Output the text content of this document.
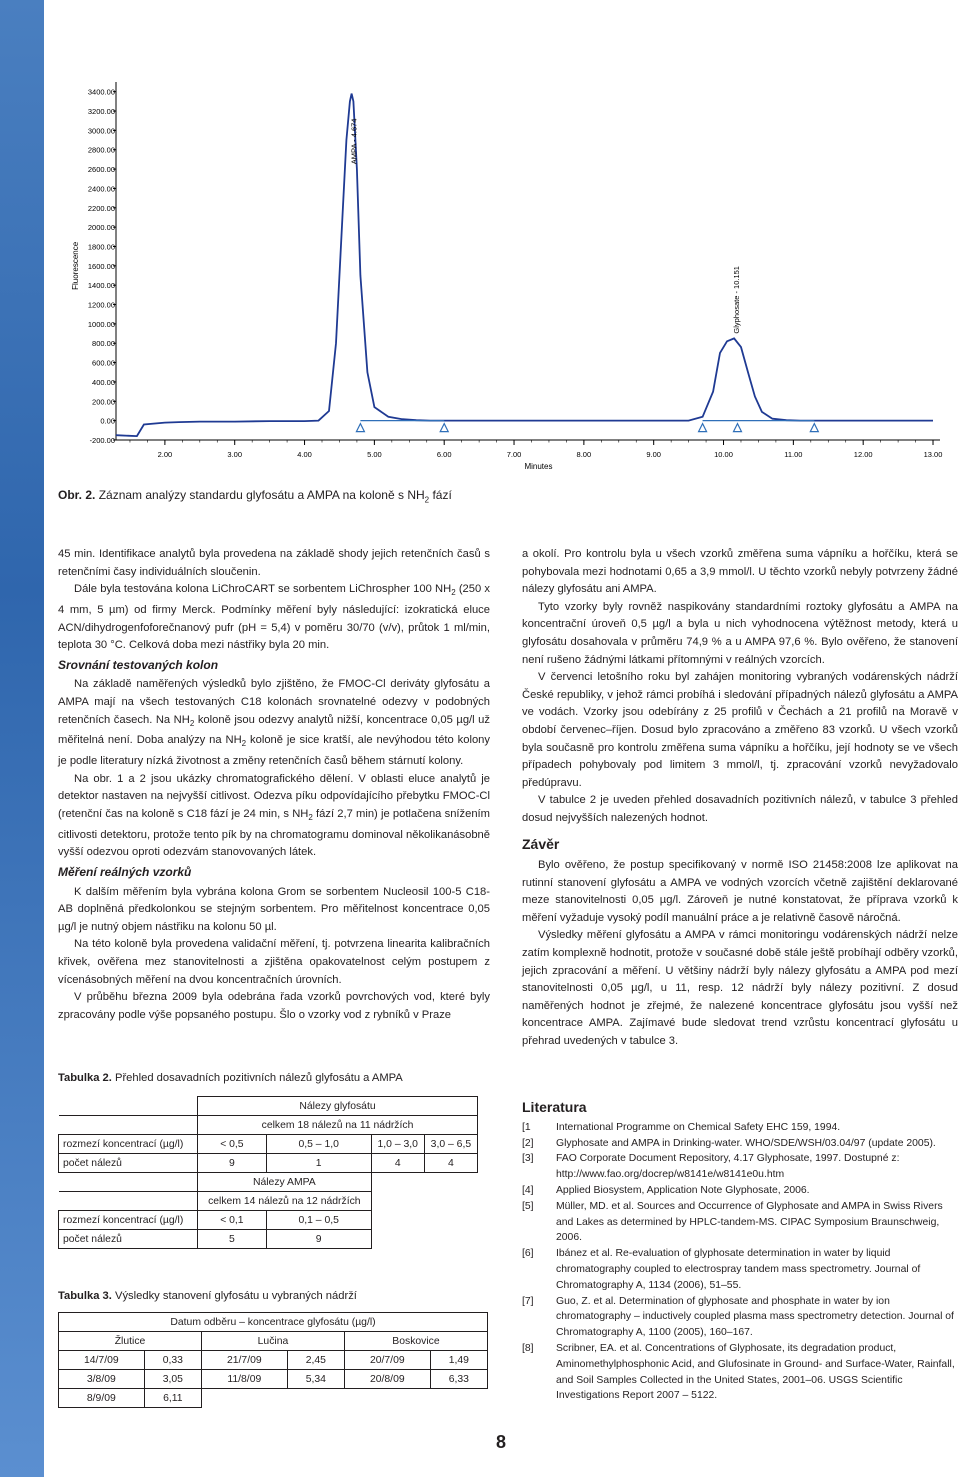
3400.00
3200.00
3000.00
2800.00
2600.00
2400.00
2200.00
2000.00
1800.00
1600.00
1400.00
1200.00
1000.00
800.00
600.00
400.00
200.00
0.00
-200.00
2.00	3.00	4.00	5.00	6.00	7.00	8.00	9.00	10.00	11.00	12.00	13.00
Fluorescence
Minutes
AMPA - 4.674
Glyphosate - 10.151
Obr. 2. Záznam analýzy standardu glyfosátu a AMPA na koloně s $NH_2$ fází

45 min. Identifikace analytů byla provedena na základě shody jejich retenčních časů s retenčními časy individuálních sloučenin.

Dále byla testována kolona LiChroCART se sorbentem LiChrospher 100 $NH_2$ (250 x 4 mm, 5 µm) od firmy Merck. Podmínky měření byly následující: izokratická eluce ACN/dihydrogenfoforečnanový pufr (pH = 5,4) v poměru 30/70 (v/v), průtok 1 ml/min, teplota 30 °C. Celková doba mezi nástřiky byla 20 min.

Srovnání testovaných kolon

Na základě naměřených výsledků bylo zjištěno, že FMOC-Cl deriváty glyfosátu a AMPA mají na všech testovaných C18 kolonách srovnatelné odezvy v podobných retenčních časech. Na $NH_2$ koloně jsou odezvy analytů nižší, koncentrace 0,05 µg/l už měřitelná není. Doba analýzy na $NH_2$ koloně je sice kratší, ale nevýhodou této kolony je podle literatury nízká životnost a změny retenčních časů během stárnutí kolony.

Na obr. 1 a 2 jsou ukázky chromatografického dělení. V oblasti eluce analytů je detektor nastaven na nejvyšší citlivost. Odezva píku odpovídajícího přebytku FMOC-Cl (retenční čas na koloně s C18 fází je 24 min, s $NH_2$ fází 2,7 min) je potlačena snížením citlivosti detektoru, protože tento pík by na chromatogramu dominoval několikanásobně vyšší odezvou oproti odezvám stanovovaných látek.

Měření reálných vzorků

K dalším měřením byla vybrána kolona Grom se sorbentem Nucleosil 100-5 C18-AB doplněná předkolonkou se stejným sorbentem. Pro měřitelnost koncentrace 0,05 µg/l je nutný objem nástřiku na kolonu 50 µl.

Na této koloně byla provedena validační měření, tj. potvrzena linearita kalibračních křivek, ověřena mez stanovitelnosti a zjištěna opakovatelnost celým postupem z vícenásobných měření na dvou koncentračních úrovních.

V průběhu března 2009 byla odebrána řada vzorků povrchových vod, které byly zpracovány podle výše popsaného postupu. Šlo o vzorky vod z rybníků v Praze

a okolí. Pro kontrolu byla u všech vzorků změřena suma vápníku a hořčíku, která se pohybovala mezi hodnotami 0,65 a 3,9 mmol/l. U těchto vzorků nebyly potvrzeny žádné nálezy glyfosátu ani AMPA.

Tyto vzorky byly rovněž naspikovány standardními roztoky glyfosátu a AMPA na koncentrační úroveň 0,5 µg/l a byla u nich vyhodnocena výtěžnost metody, která u glyfosátu dosahovala v průměru 74,9 % a u AMPA 97,6 %. Bylo ověřeno, že stanovení není rušeno žádnými látkami přítomnými v reálných vzorcích.

V červenci letošního roku byl zahájen monitoring vybraných vodárenských nádrží České republiky, v jehož rámci probíhá i sledování případných nálezů glyfosátu a AMPA ve vodách. Vzorky jsou odebírány z 25 profilů v Čechách a 21 profilů na Moravě v období červenec–říjen. Dosud bylo zpracováno a změřeno 83 vzorků. U všech vzorků byla současně pro kontrolu změřena suma vápníku a hořčíku, její hodnoty se ve všech případech pohybovaly pod limitem 3 mmol/l, tj. zpracování vzorků nevyžadovalo předúpravu.

V tabulce 2 je uveden přehled dosavadních pozitivních nálezů, v tabulce 3 přehled dosud nejvyšších nalezených hodnot.

Závěr

Bylo ověřeno, že postup specifikovaný v normě ISO 21458:2008 lze aplikovat na rutinní stanovení glyfosátu a AMPA ve vodných vzorcích včetně zajištění deklarované meze stanovitelnosti 0,05 µg/l. Zároveň je nutné konstatovat, že příprava vzorků k měření vyžaduje vysoký podíl manuální práce a je relativně časově náročná.

Výsledky měření glyfosátu a AMPA v rámci monitoringu vodárenských nádrží nelze zatím komplexně hodnotit, protože v současné době stále ještě probíhají odběry vzorků, jejich zpracování a měření. U většiny nádrží byly nálezy glyfosátu a AMPA pod mezí stanovitelnosti 0,05 µg/l, u 11, resp. 12 nádrží byly nálezy pozitivní. Z dosud naměřených hodnot je zřejmé, že nalezené koncentrace glyfosátu jsou vyšší než koncentrace AMPA. Zajímavé bude sledovat trend vzrůstu koncentrací glyfosátu u přehrad uvedených v tabulce 3.

Literatura
[1	International Programme on Chemical Safety EHC 159, 1994.
[2]	Glyphosate and AMPA in Drinking-water. WHO/SDE/WSH/03.04/97 (update 2005).
[3]	FAO Corporate Document Repository, 4.17 Glyphosate, 1997. Dostupné z: http://www.fao.org/docrep/w8141e/w8141e0u.htm
[4]	Applied Biosystem, Application Note Glyphosate, 2006.
[5]	Müller, MD. et al. Sources and Occurrence of Glyphosate and AMPA in Swiss Rivers and Lakes as determined by HPLC-tandem-MS. CIPAC Symposium Braunschweig, 2006.
[6]	Ibánez et al. Re-evaluation of glyphosate determination in water by liquid chromatography coupled to electrospray tandem mass spectrometry. Journal of Chromatography A, 1134 (2006), 51–55.
[7]	Guo, Z. et al. Determination of glyphosate and phosphate in water by ion chromatography – inductively coupled plasma mass spectrometry detection. Journal of Chromatography A, 1100 (2005), 160–167.
[8]	Scribner, EA. et al. Concentrations of Glyphosate, its degradation product, Aminomethylphosphonic Acid, and Glufosinate in Ground- and Surface-Water, Rainfall, and Soil Samples Collected in the United States, 2001–06. USGS Scientific Investigations Report 2007 – 5122.
Tabulka 2. Přehled dosavadních pozitivních nálezů glyfosátu a AMPA
	Nálezy glyfosátu			
	celkem 18 nálezů na 11 nádržích			
rozmezí koncentrací (µg/l)	< 0,5	0,5 – 1,0	1,0 – 3,0	3,0 – 6,5
počet nálezů	9	1	4	4
	Nálezy AMPA			
	celkem 14 nálezů na 12 nádržích			
rozmezí koncentrací (µg/l)	< 0,1	0,1 – 0,5		
počet nálezů	5	9		
Tabulka 3. Výsledky stanovení glyfosátu u vybraných nádrží
Datum odběru – koncentrace glyfosátu (µg/l)					
Žlutice		Lučina		Boskovice	
14/7/09	0,33	21/7/09	2,45	20/7/09	1,49
3/8/09	3,05	11/8/09	5,34	20/8/09	6,33
8/9/09	6,11				
8
